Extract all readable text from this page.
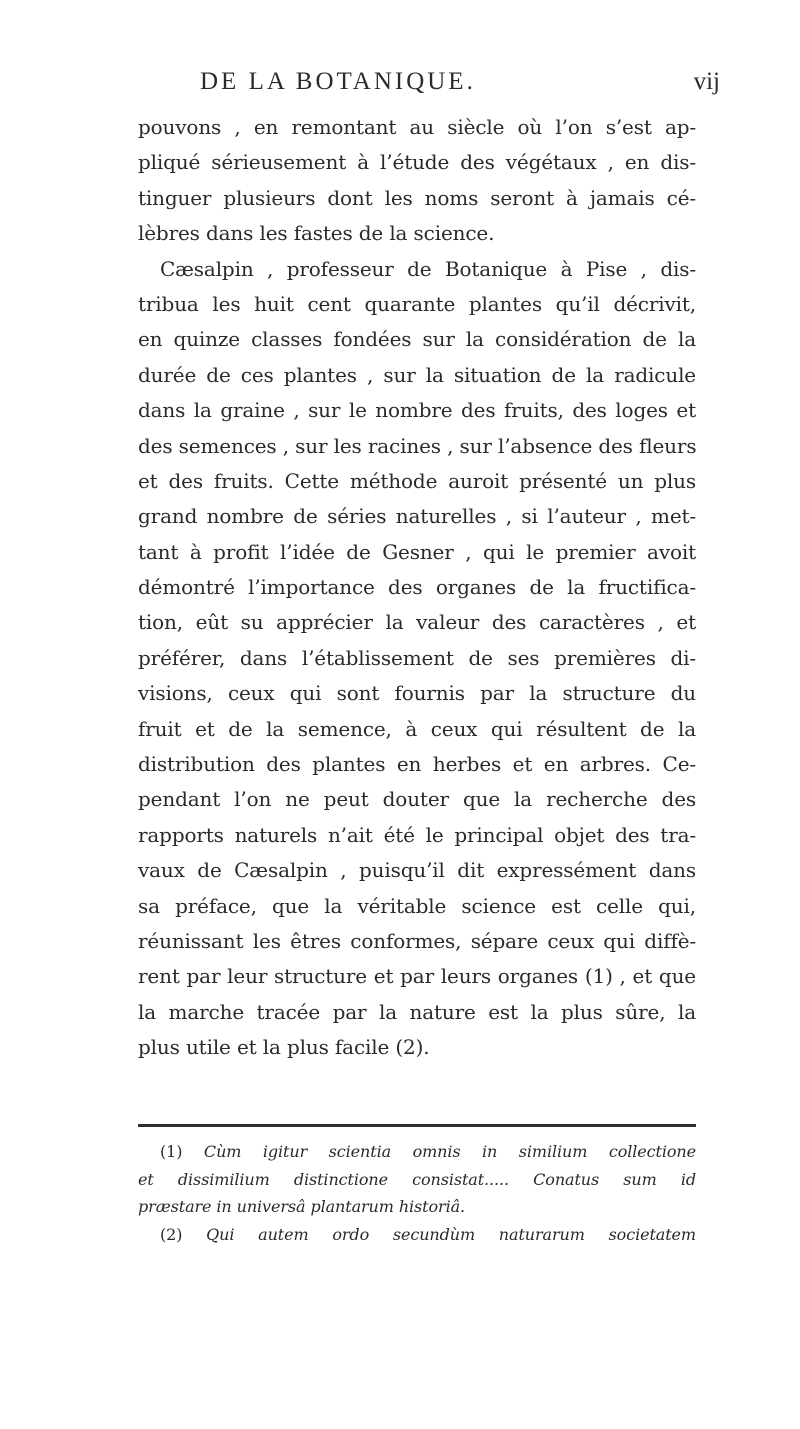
DE LA BOTANIQUE.	vij
pouvons , en remontant au siècle où l’on s’est ap-
pliqué sérieusement à l’étude des végétaux , en dis-
tinguer plusieurs dont les noms seront à jamais cé-
lèbres dans les fastes de la science.
Cæsalpin , professeur de Botanique à Pise , dis-
tribua les huit cent quarante plantes qu’il décrivit,
en quinze classes fondées sur la considération de la
durée de ces plantes , sur la situation de la radicule
dans la graine , sur le nombre des fruits, des loges et
des semences , sur les racines , sur l’absence des fleurs
et des fruits. Cette méthode auroit présenté un plus
grand nombre de séries naturelles , si l’auteur , met-
tant à profit l’idée de Gesner , qui le premier avoit
démontré l’importance des organes de la fructifica-
tion, eût su apprécier la valeur des caractères , et
préférer, dans l’établissement de ses premières di-
visions, ceux qui sont fournis par la structure du
fruit et de la semence, à ceux qui résultent de la
distribution des plantes en herbes et en arbres. Ce-
pendant l’on ne peut douter que la recherche des
rapports naturels n’ait été le principal objet des tra-
vaux de Cæsalpin , puisqu’il dit expressément dans
sa préface, que la véritable science est celle qui,
réunissant les êtres conformes, sépare ceux qui diffè-
rent par leur structure et par leurs organes (1) , et que
la marche tracée par la nature est la plus sûre, la
plus utile et la plus facile (2).
(1) Cùm igitur scientia omnis in similium collectione
et dissimilium distinctione consistat..... Conatus sum id
præstare in universâ plantarum historiâ.
(2) Qui autem ordo secundùm naturarum societatem
